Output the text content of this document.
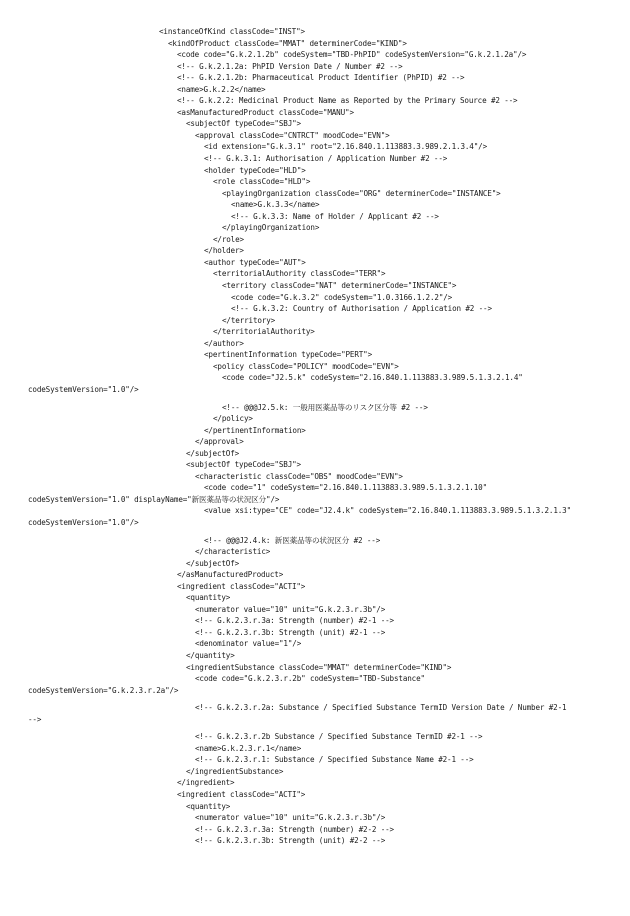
<instanceOfKind classCode="INST">
<kindOfProduct classCode="MMAT" determinerCode="KIND">
<code code="G.k.2.1.2b" codeSystem="TBD-PhPID" codeSystemVersion="G.k.2.1.2a"/>
<!-- G.k.2.1.2a: PhPID Version Date / Number #2 -->
<!-- G.k.2.1.2b: Pharmaceutical Product Identifier (PhPID) #2 -->
<name>G.k.2.2</name>
<!-- G.k.2.2: Medicinal Product Name as Reported by the Primary Source #2 -->
<asManufacturedProduct classCode="MANU">
<subjectOf typeCode="SBJ">
<approval classCode="CNTRCT" moodCode="EVN">
<id extension="G.k.3.1" root="2.16.840.1.113883.3.989.2.1.3.4"/>
<!-- G.k.3.1: Authorisation / Application Number #2 -->
<holder typeCode="HLD">
<role classCode="HLD">
<playingOrganization classCode="ORG" determinerCode="INSTANCE">
<name>G.k.3.3</name>
<!-- G.k.3.3: Name of Holder / Applicant #2 -->
</playingOrganization>
</role>
</holder>
<author typeCode="AUT">
<territorialAuthority classCode="TERR">
<territory classCode="NAT" determinerCode="INSTANCE">
<code code="G.k.3.2" codeSystem="1.0.3166.1.2.2"/>
<!-- G.k.3.2: Country of Authorisation / Application #2 -->
</territory>
</territorialAuthority>
</author>
<pertinentInformation typeCode="PERT">
<policy classCode="POLICY" moodCode="EVN">
<code code="J2.5.k" codeSystem="2.16.840.1.113883.3.989.5.1.3.2.1.4"
codeSystemVersion="1.0"/>
<!-- @@@J2.5.k: 一般用医薬品等のリスク区分等 #2 -->
</policy>
</pertinentInformation>
</approval>
</subjectOf>
<subjectOf typeCode="SBJ">
<characteristic classCode="OBS" moodCode="EVN">
<code code="1" codeSystem="2.16.840.1.113883.3.989.5.1.3.2.1.10"
codeSystemVersion="1.0" displayName="新医薬品等の状況区分"/>
<value xsi:type="CE" code="J2.4.k" codeSystem="2.16.840.1.113883.3.989.5.1.3.2.1.3"
codeSystemVersion="1.0"/>
<!-- @@@J2.4.k: 新医薬品等の状況区分 #2 -->
</characteristic>
</subjectOf>
</asManufacturedProduct>
<ingredient classCode="ACTI">
<quantity>
<numerator value="10" unit="G.k.2.3.r.3b"/>
<!-- G.k.2.3.r.3a: Strength (number) #2-1 -->
<!-- G.k.2.3.r.3b: Strength (unit) #2-1 -->
<denominator value="1"/>
</quantity>
<ingredientSubstance classCode="MMAT" determinerCode="KIND">
<code code="G.k.2.3.r.2b" codeSystem="TBD-Substance"
codeSystemVersion="G.k.2.3.r.2a"/>
<!-- G.k.2.3.r.2a: Substance / Specified Substance TermID Version Date / Number #2-1
-->
<!-- G.k.2.3.r.2b Substance / Specified Substance TermID #2-1 -->
<name>G.k.2.3.r.1</name>
<!-- G.k.2.3.r.1: Substance / Specified Substance Name #2-1 -->
</ingredientSubstance>
</ingredient>
<ingredient classCode="ACTI">
<quantity>
<numerator value="10" unit="G.k.2.3.r.3b"/>
<!-- G.k.2.3.r.3a: Strength (number) #2-2 -->
<!-- G.k.2.3.r.3b: Strength (unit) #2-2 -->
